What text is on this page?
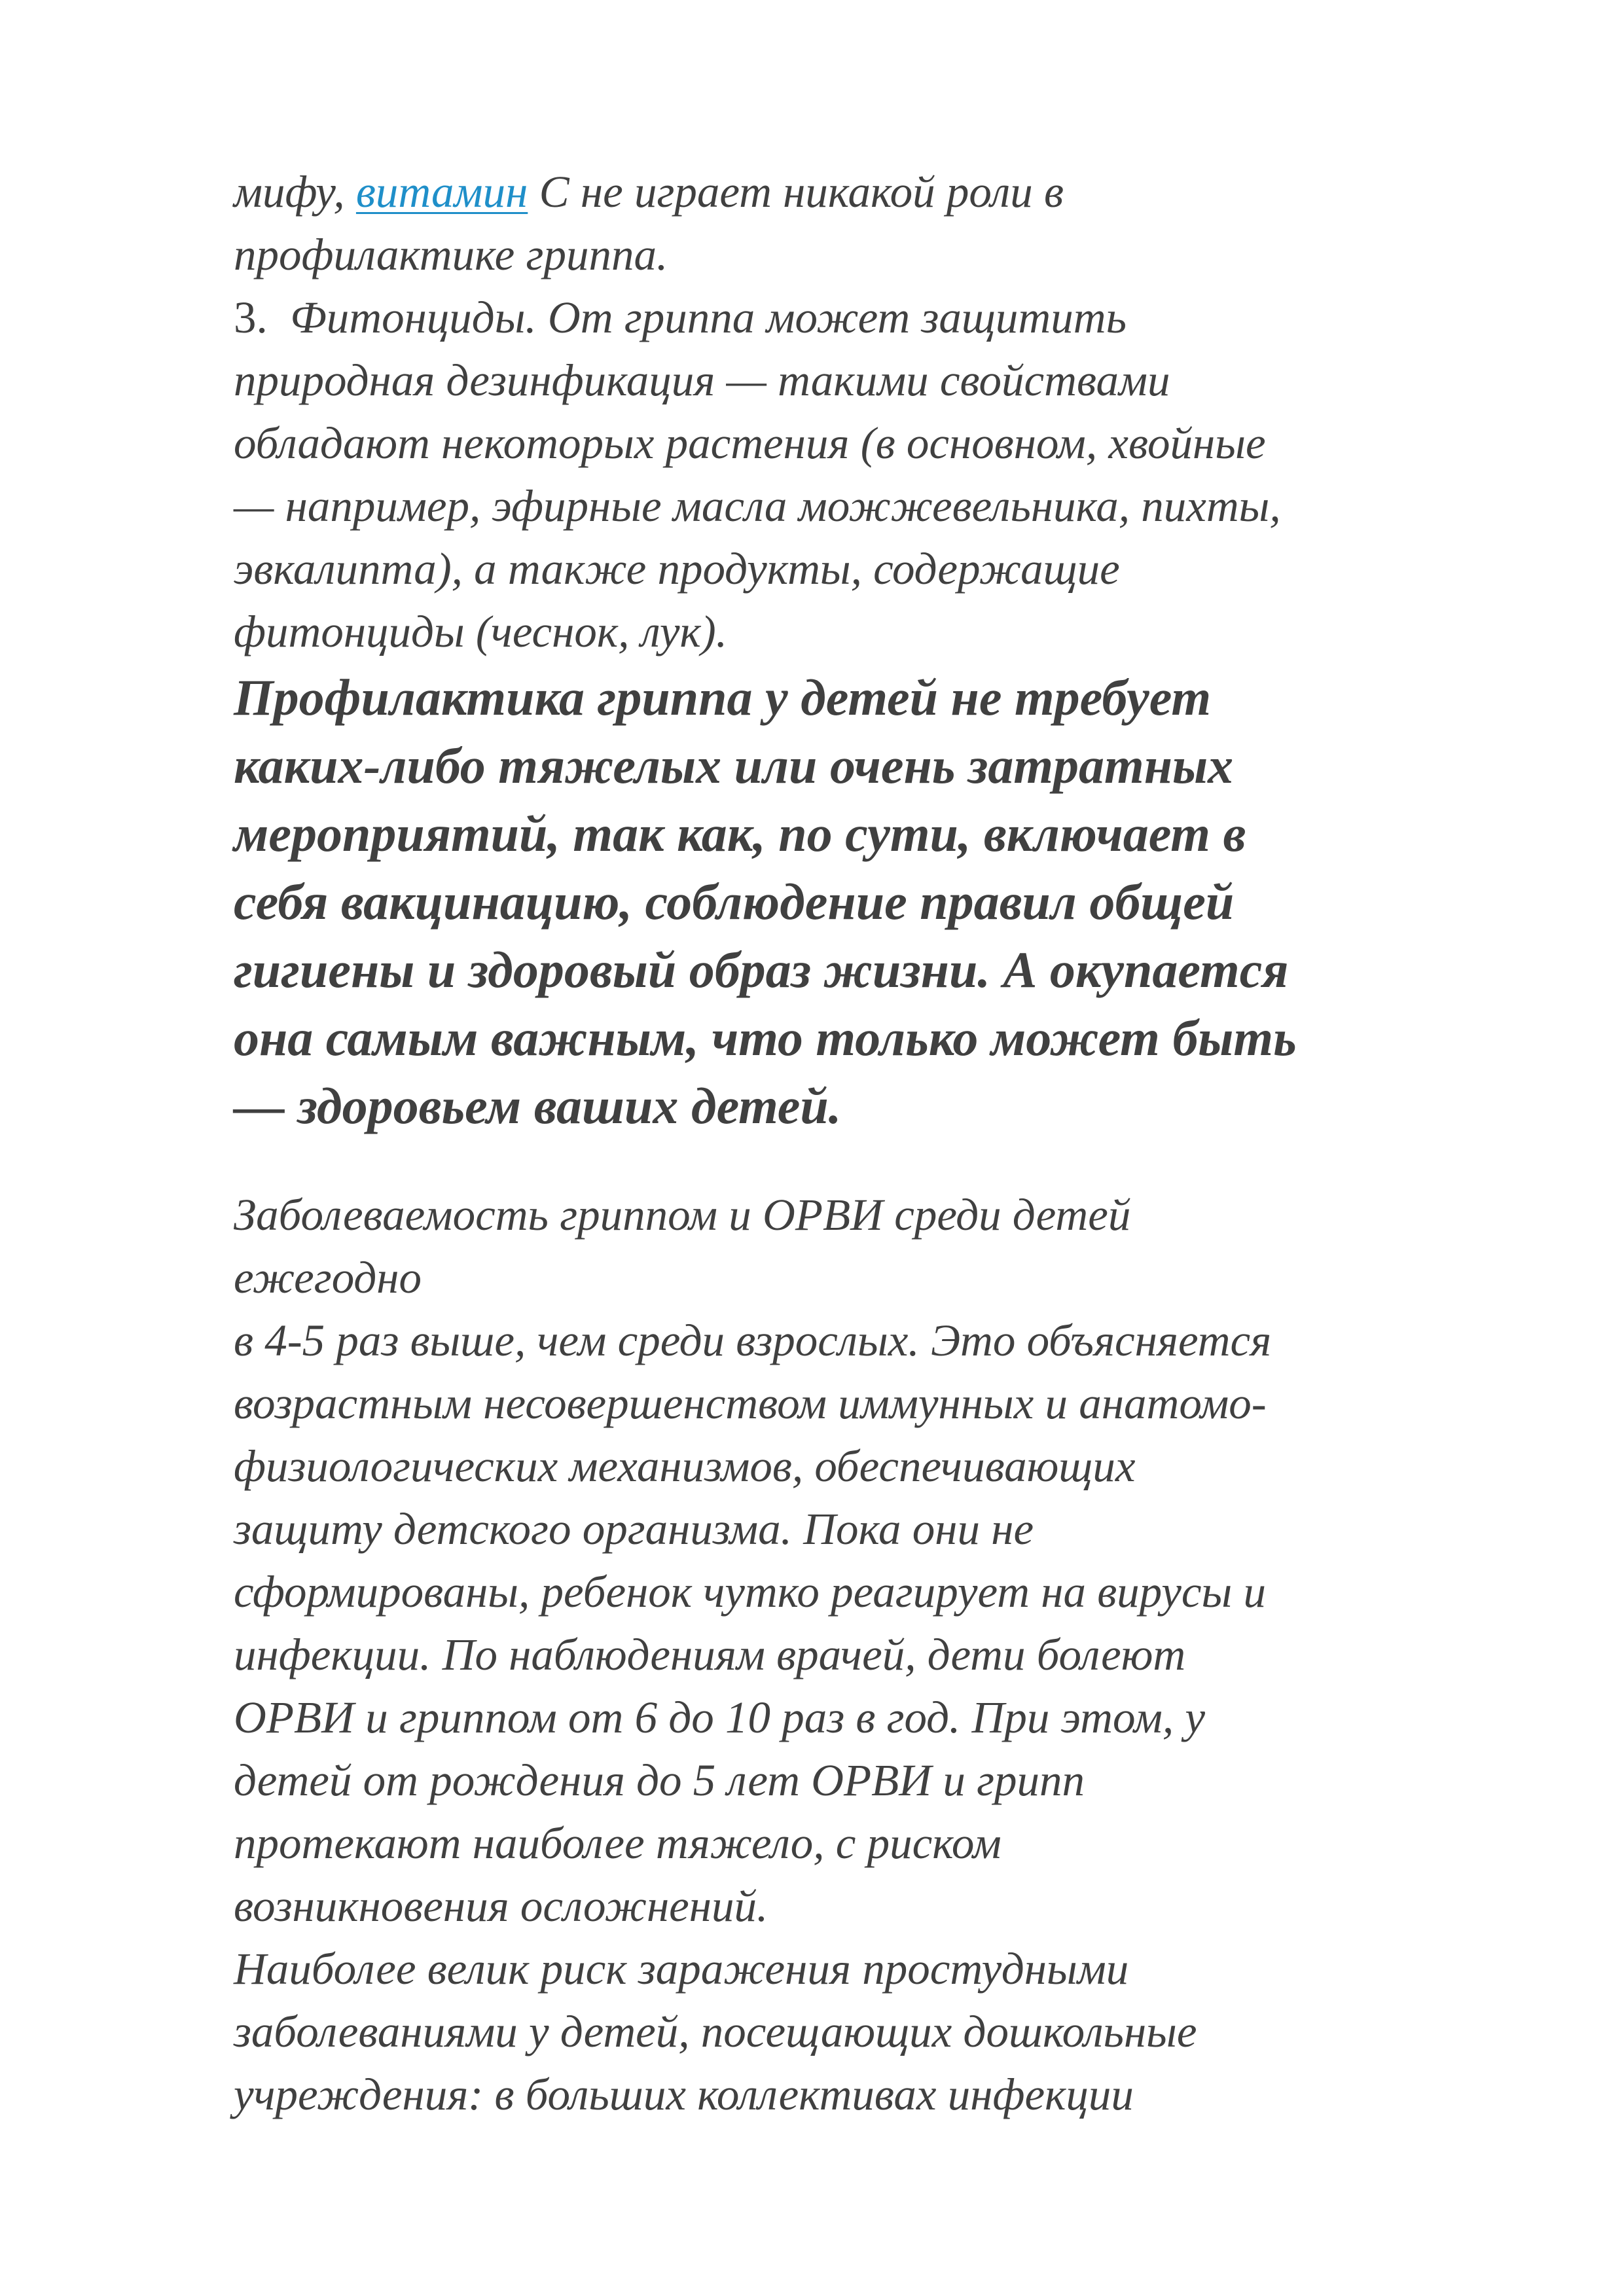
мифу, витамин С не играет никакой роли в
профилактике гриппа.
3. Фитонциды. От гриппа может защитить
природная дезинфикация — такими свойствами
обладают некоторых растения (в основном, хвойные
— например, эфирные масла можжевельника, пихты,
эвкалипта), а также продукты, содержащие
фитонциды (чеснок, лук).
Профилактика гриппа у детей не требует
каких-либо тяжелых или очень затратных
мероприятий, так как, по сути, включает в
себя вакцинацию, соблюдение правил общей
гигиены и здоровый образ жизни. А окупается
она самым важным, что только может быть
— здоровьем ваших детей.
Заболеваемость гриппом и ОРВИ среди детей
ежегодно
в 4-5 раз выше, чем среди взрослых. Это объясняется
возрастным несовершенством иммунных и анатомо-
физиологических механизмов, обеспечивающих
защиту детского организма. Пока они не
сформированы, ребенок чутко реагирует на вирусы и
инфекции. По наблюдениям врачей, дети болеют
ОРВИ и гриппом от 6 до 10 раз в год. При этом, у
детей от рождения до 5 лет ОРВИ и грипп
протекают наиболее тяжело, с риском
возникновения осложнений.
Наиболее велик риск заражения простудными
заболеваниями у детей, посещающих дошкольные
учреждения: в больших коллективах инфекции
